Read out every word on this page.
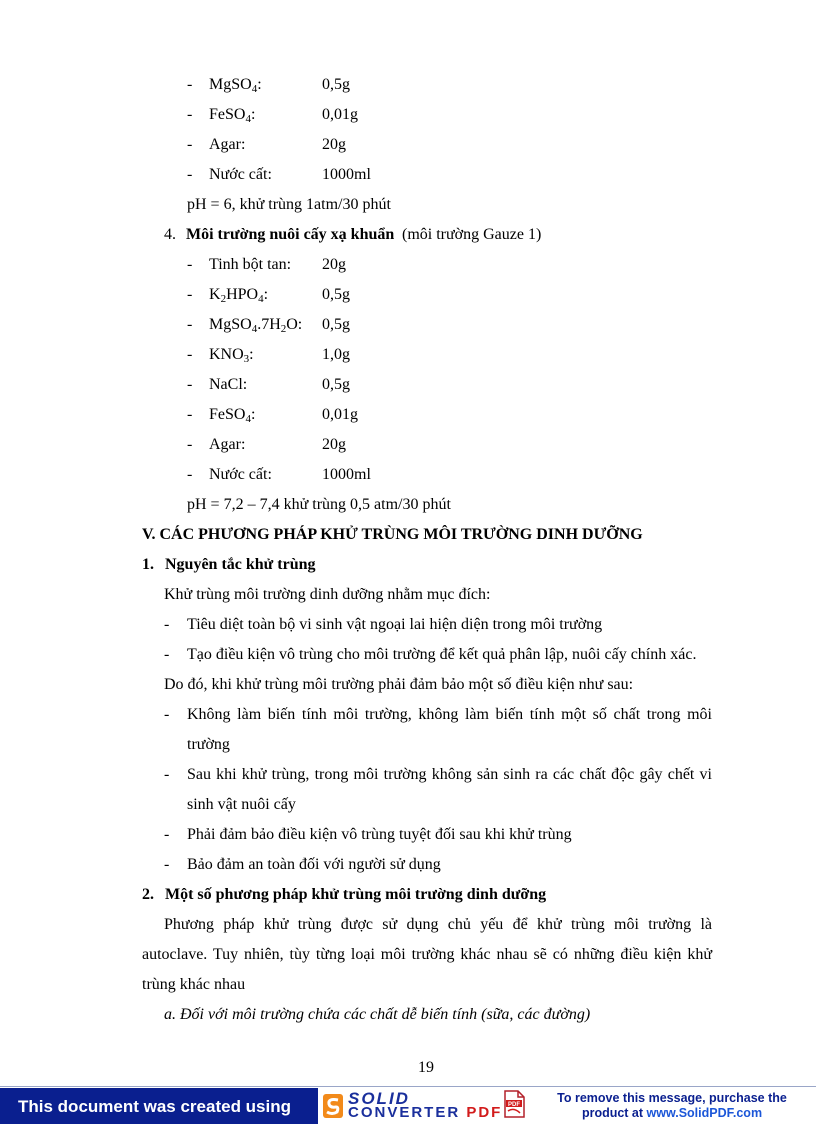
- MgSO$_4$:	0,5g
- FeSO$_4$:	0,01g
- Agar:	20g
- Nước cất:	1000ml
pH = 6, khử trùng 1atm/30 phút
4. Môi trường nuôi cấy xạ khuẩn (môi trường Gauze 1)
- Tinh bột tan: 20g
- $K_2HPO_4$:	0,5g
- $MgSO_4.7H_2O$: 0,5g
- $KNO_3$:	1,0g
- NaCl:	0,5g
- FeSO$_4$:	0,01g
- Agar:	20g
- Nước cất:	1000ml
pH = 7,2 – 7,4 khử trùng 0,5 atm/30 phút
V. CÁC PHƯƠNG PHÁP KHỬ TRÙNG MÔI TRƯỜNG DINH DƯỠNG
1. Nguyên tắc khử trùng
Khử trùng môi trường dinh dưỡng nhằm mục đích:
- Tiêu diệt toàn bộ vi sinh vật ngoại lai hiện diện trong môi trường
- Tạo điều kiện vô trùng cho môi trường để kết quả phân lập, nuôi cấy chính xác.
Do đó, khi khử trùng môi trường phải đảm bảo một số điều kiện như sau:
- Không làm biến tính môi trường, không làm biến tính một số chất trong môi
trường
- Sau khi khử trùng, trong môi trường không sản sinh ra các chất độc gây chết vi
sinh vật nuôi cấy
- Phải đảm bảo điều kiện vô trùng tuyệt đối sau khi khử trùng
- Bảo đảm an toàn đối với người sử dụng
2. Một số phương pháp khử trùng môi trường dinh dưỡng
Phương pháp khử trùng được sử dụng chủ yếu để khử trùng môi trường là
autoclave. Tuy nhiên, tùy từng loại môi trường khác nhau sẽ có những điều kiện khử
trùng khác nhau
a. Đối với môi trường chứa các chất dễ biến tính (sữa, các đường)
19
This document was created using	SOLID
CONVERTER PDF PDF	To remove this message, purchase the
product at www.SolidPDF.com
